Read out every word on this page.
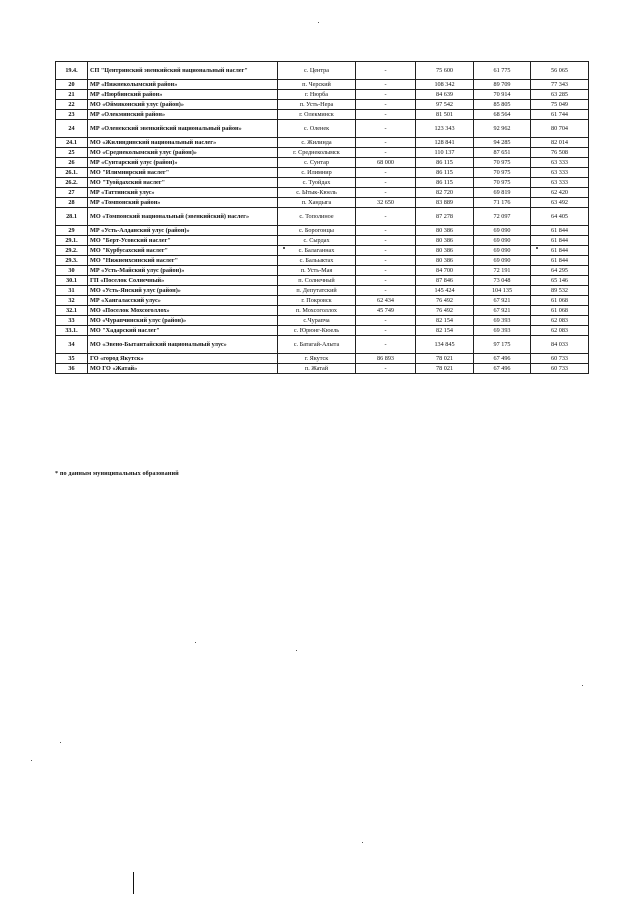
19.4.	СП "Центринский эвенкийский национальный наслег"	с. Центра	-	75 600	61 775	56 065
20	МР «Нижнеколымский район»	п. Черский	-	108 342	89 709	77 343
21	МР «Нюрбинский район»	г. Нюрба	-	84 639	70 914	63 285
22	МО «Оймяконский улус (район)»	п. Усть-Нера	-	97 542	85 805	75 049
23	МР «Олекминский район»	г. Олекминск	-	81 501	68 564	61 744
24	МР «Оленекский эвенкийский национальный район»	с. Оленек	-	123 343	92 962	80 704
24.1	МО «Жилиндинский национальный наслег»	с. Жилинда	-	128 841	94 285	82 014
25	МО «Среднеколымский улус (район)»	г. Среднеколымск	-	110 137	87 651	76 508
26	МР «Сунтарский улус (район)»	с. Сунтар	68 000	86 115	70 975	63 333
26.1.	МО "Илимнирский наслег"	с. Илимнир	-	86 115	70 975	63 333
26.2.	МО "Туойдахский наслег"	с. Туойдах	-	86 115	70 975	63 333
27	МР «Таттинский улус»	с. Ытык-Кюель	-	82 720	69 819	62 420
28	МР «Томпонский район»	п. Хандыга	32 650	83 889	71 176	63 492
28.1	МО «Томпонский национальный (эвенкийский) наслег»	с. Тополиное	-	87 278	72 097	64 405
29	МР «Усть-Алданский улус (район)»	с. Борогонцы	-	80 386	69 090	61 844
29.1.	МО "Берт-Усовский наслег"	с. Сырдах	-	80 386	69 090	61 844
29.2.	МО "Курбусахский наслег"	с. Балаганнах	-	80 386	69 090	61 844
29.3.	МО "Нижнеихсинский наслег"	с. Бальыктах	-	80 386	69 090	61 844
30	МР «Усть-Майский улус (район)»	п. Усть-Мая	-	84 700	72 191	64 295
30.1	ГП «Поселок Солнечный»	п. Солнечный	-	87 846	73 048	65 146
31	МО «Усть-Янский улус (район)»	п. Депутатский	-	145 424	104 135	89 532
32	МР «Хангаласский улус»	г. Покровск	62 434	76 492	67 921	61 068
32.1	МО «Поселок Мохсоголлох»	п. Мохсоголлох	45 749	76 492	67 921	61 068
33	МО «Чурапчинский улус (район)»	с.Чурапча	-	82 154	69 393	62 083
33.1.	МО "Хадарский наслег"	с. Юрюнг-Кюель	-	82 154	69 393	62 083
34	МО «Эвено-Бытантайский национальный улус»	с. Батагай-Алыта	-	134 845	97 175	84 033
35	ГО «город Якутск»	г. Якутск	86 893	78 021	67 496	60 733
36	МО ГО «Жатай»	п. Жатай	-	78 021	67 496	60 733
* по данным муниципальных образований
